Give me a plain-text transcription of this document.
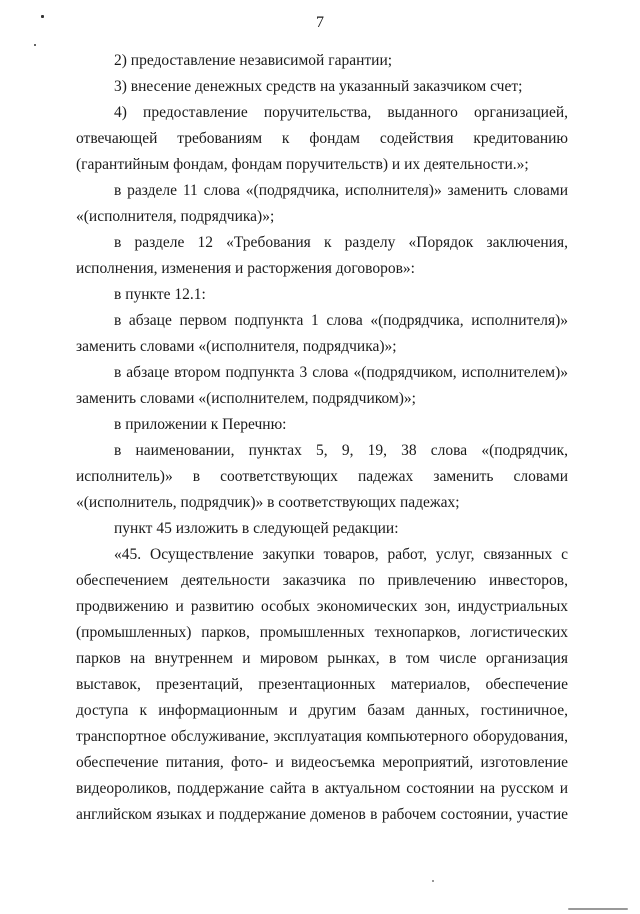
7
2) предоставление независимой гарантии;
3) внесение денежных средств на указанный заказчиком счет;
4) предоставление поручительства, выданного организацией,
отвечающей требованиям к фондам содействия кредитованию
(гарантийным фондам, фондам поручительств) и их деятельности.»;
в разделе 11 слова «(подрядчика, исполнителя)» заменить словами
«(исполнителя, подрядчика)»;
в разделе 12 «Требования к разделу «Порядок заключения,
исполнения, изменения и расторжения договоров»:
в пункте 12.1:
в абзаце первом подпункта 1 слова «(подрядчика, исполнителя)»
заменить словами «(исполнителя, подрядчика)»;
в абзаце втором подпункта 3 слова «(подрядчиком, исполнителем)»
заменить словами «(исполнителем, подрядчиком)»;
в приложении к Перечню:
в наименовании, пунктах 5, 9, 19, 38 слова «(подрядчик,
исполнитель)» в соответствующих падежах заменить словами
«(исполнитель, подрядчик)» в соответствующих падежах;
пункт 45 изложить в следующей редакции:
«45. Осуществление закупки товаров, работ, услуг, связанных с
обеспечением деятельности заказчика по привлечению инвесторов,
продвижению и развитию особых экономических зон, индустриальных
(промышленных) парков, промышленных технопарков, логистических
парков на внутреннем и мировом рынках, в том числе организация
выставок, презентаций, презентационных материалов, обеспечение
доступа к информационным и другим базам данных, гостиничное,
транспортное обслуживание, эксплуатация компьютерного оборудования,
обеспечение питания, фото- и видеосъемка мероприятий, изготовление
видеороликов, поддержание сайта в актуальном состоянии на русском и
английском языках и поддержание доменов в рабочем состоянии, участие
